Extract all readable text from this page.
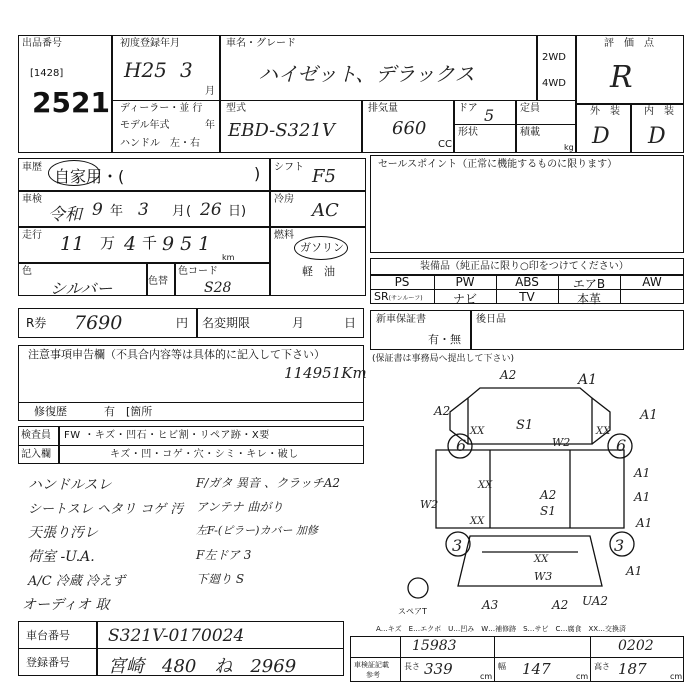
出品番号
[1428]
2521
初度登録年月
H25 3
月
車名・グレード
ハイゼット、デラックス
2WD
4WD
評　価　点
R
外　装 内　装
D D
ディーラー・並 行
モデル年式	年
ハンドル　左・右
型式
EBD-S321V
排気量
660
CC
ドア 5	定員
形状	積載
kg
車歴 自家用・(	)
車検
令和 9 年 3 月 ( 26 日)
走行 11 万 4 千 951
km
色
シルバー	色替
色コード
S28
シフト F5
冷房
AC
燃料
ガソリン
軽　油
セールスポイント（正常に機能するものに限ります）
装備品（純正品に限り○印をつけてください）
PS	PW	ABS	エアB	AW
SR(サンルーフ)	ナビ	TV	本革
R券 7690	円 名変期限	月	日 新車保証書
有・無
後日品
(保証書は事務局へ提出して下さい)
注意事項申告欄（不具合内容等は具体的に記入して下さい）
114951Km
修復歴	有　[箇所
検査員
記入欄
FW ・キズ・凹石・ヒビ割・リペア跡・X要
キズ・凹・コゲ・穴・シミ・キレ・破し
ハンドルスレ
シートスレ ヘタリ コゲ 汚
天張り汚レ
荷室 -U.A.
A/C 冷蔵 冷えず
オーディオ 取
F/ガタ 異音 、クラッチA2
アンテナ 曲がり
左F-(ピラー)カバー 加修
F左ドア 3
下廻り S
A2	A1
A2	A1
XX S1
W2
XX
6	6
A1
A1
XX
W2
A2
S1
XX	A1
3	3
XX
W3	A1
スペアT	A3	A2 UA2
A…キズ　E…エクボ　U…凹み　W…補修跡　S…サビ　C…腐食　XX…交換済
車台番号 S321V-0170024
登録番号 宮崎　480　ね　2969	車検証記載
参考
15983	0202
長さ 339	cm
幅 147	cm
高さ 187	cm
